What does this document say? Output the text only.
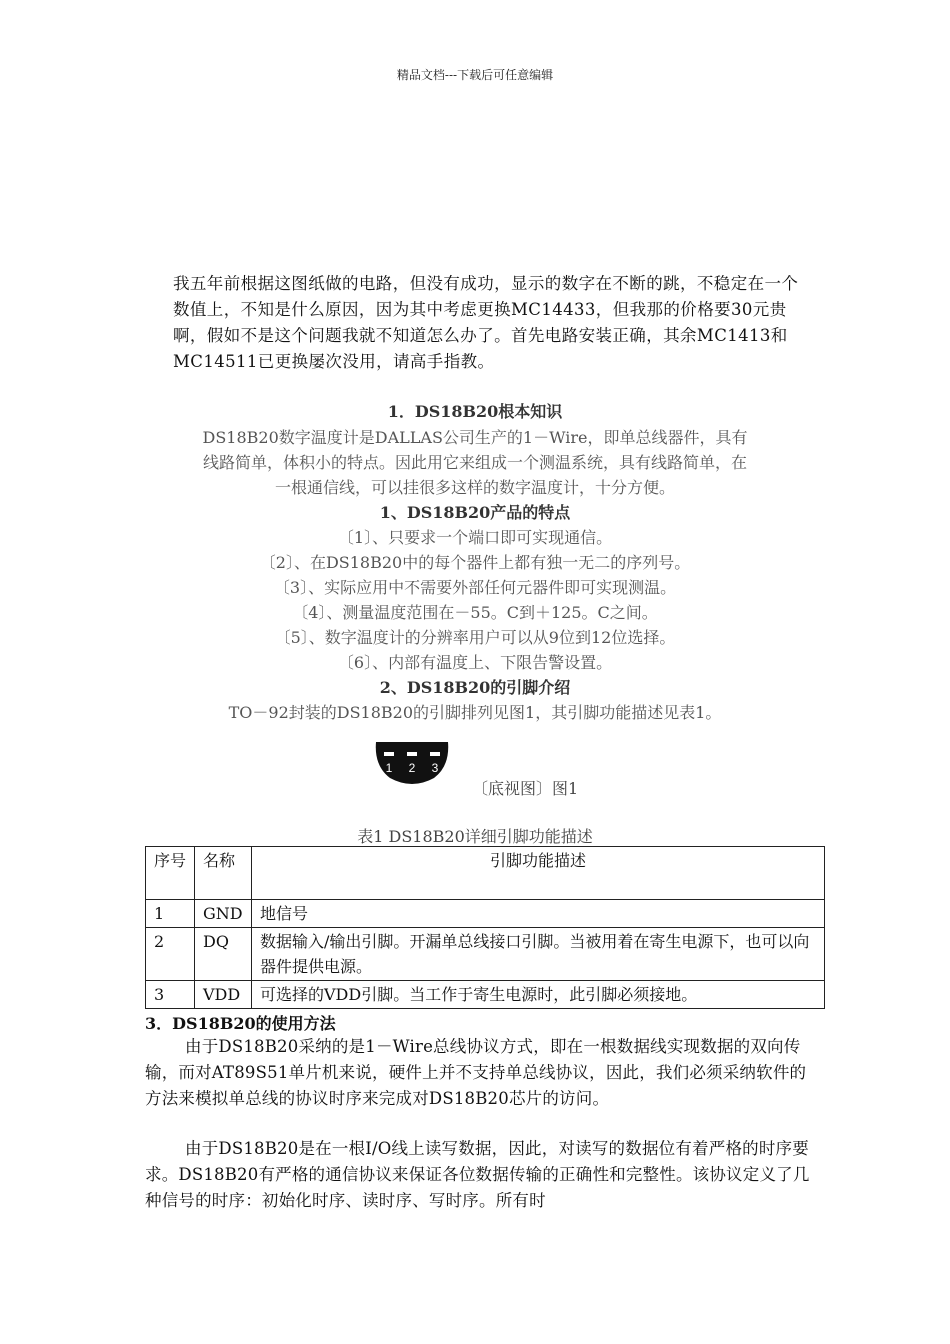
精品文档---下载后可任意编辑
我五年前根据这图纸做的电路，但没有成功，显示的数字在不断的跳，不稳定在一个数值上，不知是什么原因，因为其中考虑更换MC14433，但我那的价格要30元贵啊，假如不是这个问题我就不知道怎么办了。首先电路安装正确，其余MC1413和MC14511已更换屡次没用，请高手指教。
1．DS18B20根本知识
DS18B20数字温度计是DALLAS公司生产的1－Wire，即单总线器件，具有
线路简单，体积小的特点。因此用它来组成一个测温系统，具有线路简单，在
一根通信线，可以挂很多这样的数字温度计，十分方便。
1、DS18B20产品的特点
〔1〕、只要求一个端口即可实现通信。
〔2〕、在DS18B20中的每个器件上都有独一无二的序列号。
〔3〕、实际应用中不需要外部任何元器件即可实现测温。
〔4〕、测量温度范围在－55。C到＋125。C之间。
〔5〕、数字温度计的分辨率用户可以从9位到12位选择。
〔6〕、内部有温度上、下限告警设置。
2、DS18B20的引脚介绍
TO－92封装的DS18B20的引脚排列见图1，其引脚功能描述见表1。
1 2 3
〔底视图〕图1
表1 DS18B20详细引脚功能描述
序号	名称	引脚功能描述
1	GND	地信号
2	DQ	数据输入/输出引脚。开漏单总线接口引脚。当被用着在寄生电源下，也可以向器件提供电源。
3	VDD	可选择的VDD引脚。当工作于寄生电源时，此引脚必须接地。
3．DS18B20的使用方法

由于DS18B20采纳的是1－Wire总线协议方式，即在一根数据线实现数据的双向传输，而对AT89S51单片机来说，硬件上并不支持单总线协议，因此，我们必须采纳软件的方法来模拟单总线的协议时序来完成对DS18B20芯片的访问。

由于DS18B20是在一根I/O线上读写数据，因此，对读写的数据位有着严格的时序要求。DS18B20有严格的通信协议来保证各位数据传输的正确性和完整性。该协议定义了几种信号的时序：初始化时序、读时序、写时序。所有时
